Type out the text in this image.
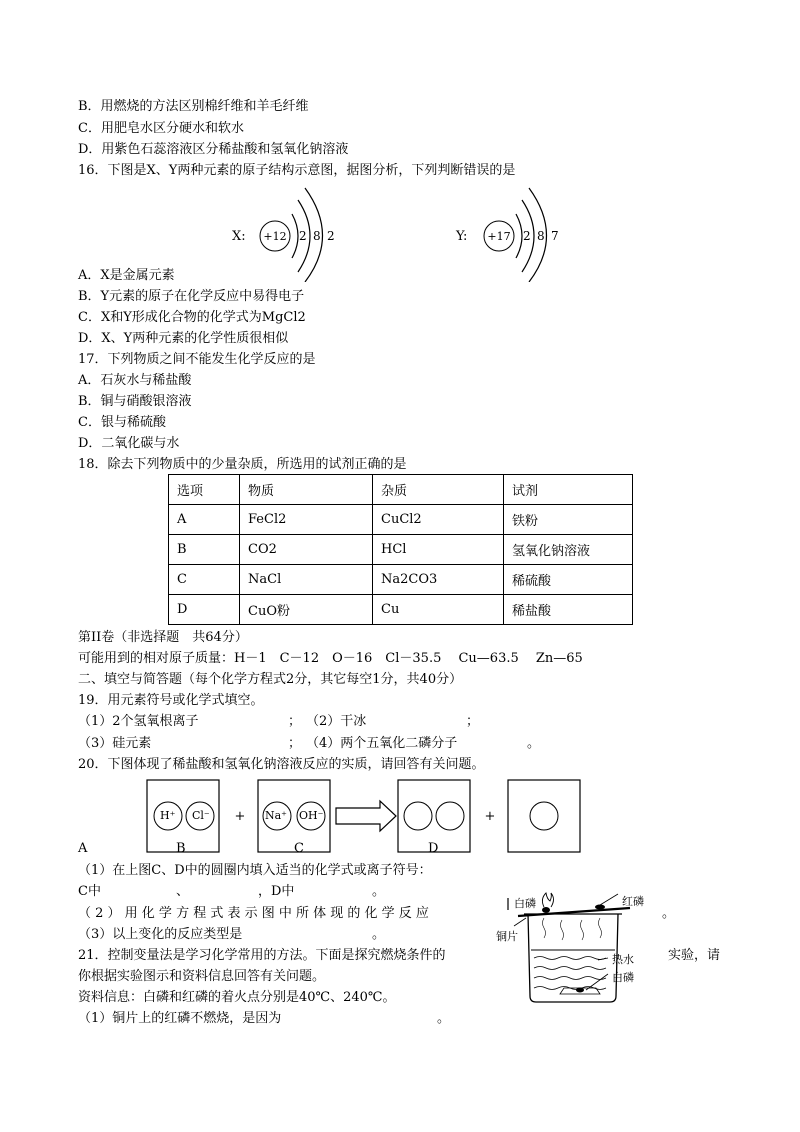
B．用燃烧的方法区别棉纤维和羊毛纤维
C．用肥皂水区分硬水和软水
D．用紫色石蕊溶液区分稀盐酸和氢氧化钠溶液
16．下图是X、Y两种元素的原子结构示意图，据图分析，下列判断错误的是
X: +12 2 8 2	Y: +17 2 8 7
A．X是金属元素
B．Y元素的原子在化学反应中易得电子
C．X和Y形成化合物的化学式为MgCl2
D．X、Y两种元素的化学性质很相似
17．下列物质之间不能发生化学反应的是
A．石灰水与稀盐酸
B．铜与硝酸银溶液
C．银与稀硫酸
D．二氧化碳与水
18．除去下列物质中的少量杂质，所选用的试剂正确的是
选项	物质	杂质	试剂
A	FeCl2	CuCl2	铁粉
B	CO2	HCl	氢氧化钠溶液
C	NaCl	Na2CO3	稀硫酸
D	CuO粉	Cu	稀盐酸
第II卷（非选择题　共64分）
可能用到的相对原子质量：H－1　C－12　O－16　Cl－35.5　 Cu—63.5　 Zn—65
二、填空与简答题（每个化学方程式2分，其它每空1分，共40分）
19．用元素符号或化学式填空。
（1）2个氢氧根离子	； （2）干冰	；
（3）硅元素	； （4）两个五氧化二磷分子	。
20．下图体现了稀盐酸和氢氧化钠溶液反应的实质，请回答有关问题。
+	+
H⁺ Cl⁻	Na⁺ OH⁻
A	B	C	D
（1）在上图C、D中的圆圈内填入适当的化学式或离子符号：
C中	、	，D中	。
（ 2 ） 用 化 学 方 程 式 表 示 图 中 所 体 现 的 化 学 反 应	。
（3）以上变化的反应类型是	。
21．控制变量法是学习化学常用的方法。下面是探究燃烧条件的	实验，请
你根据实验图示和资料信息回答有关问题。
资料信息：白磷和红磷的着火点分别是40℃、240℃。
（1）铜片上的红磷不燃烧，是因为	。
白磷	红磷
铜片
热水
白磷
